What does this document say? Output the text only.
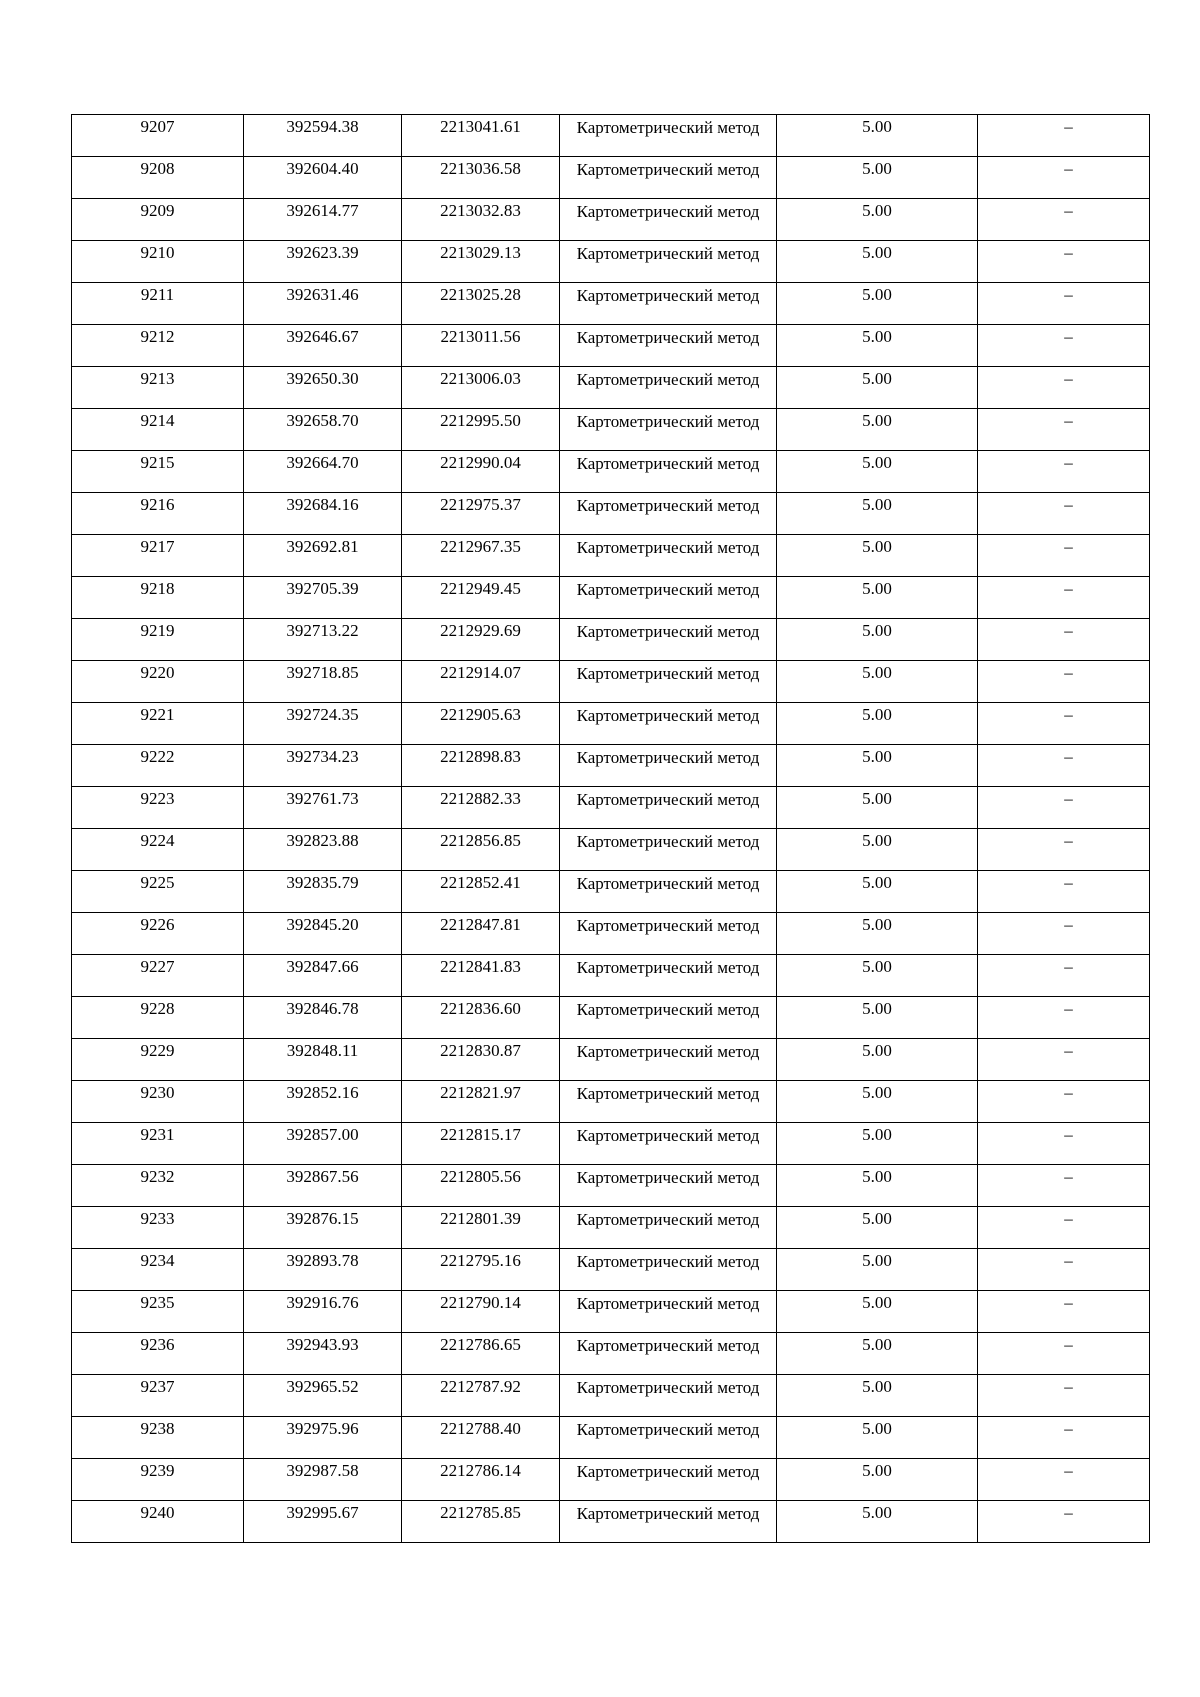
9207	392594.38	2213041.61	Картометрический метод	5.00	–

9208	392604.40	2213036.58	Картометрический метод	5.00	–

9209	392614.77	2213032.83	Картометрический метод	5.00	–

9210	392623.39	2213029.13	Картометрический метод	5.00	–

9211	392631.46	2213025.28	Картометрический метод	5.00	–

9212	392646.67	2213011.56	Картометрический метод	5.00	–

9213	392650.30	2213006.03	Картометрический метод	5.00	–

9214	392658.70	2212995.50	Картометрический метод	5.00	–

9215	392664.70	2212990.04	Картометрический метод	5.00	–

9216	392684.16	2212975.37	Картометрический метод	5.00	–

9217	392692.81	2212967.35	Картометрический метод	5.00	–

9218	392705.39	2212949.45	Картометрический метод	5.00	–

9219	392713.22	2212929.69	Картометрический метод	5.00	–

9220	392718.85	2212914.07	Картометрический метод	5.00	–

9221	392724.35	2212905.63	Картометрический метод	5.00	–

9222	392734.23	2212898.83	Картометрический метод	5.00	–

9223	392761.73	2212882.33	Картометрический метод	5.00	–

9224	392823.88	2212856.85	Картометрический метод	5.00	–

9225	392835.79	2212852.41	Картометрический метод	5.00	–

9226	392845.20	2212847.81	Картометрический метод	5.00	–

9227	392847.66	2212841.83	Картометрический метод	5.00	–

9228	392846.78	2212836.60	Картометрический метод	5.00	–

9229	392848.11	2212830.87	Картометрический метод	5.00	–

9230	392852.16	2212821.97	Картометрический метод	5.00	–

9231	392857.00	2212815.17	Картометрический метод	5.00	–

9232	392867.56	2212805.56	Картометрический метод	5.00	–

9233	392876.15	2212801.39	Картометрический метод	5.00	–

9234	392893.78	2212795.16	Картометрический метод	5.00	–

9235	392916.76	2212790.14	Картометрический метод	5.00	–

9236	392943.93	2212786.65	Картометрический метод	5.00	–

9237	392965.52	2212787.92	Картометрический метод	5.00	–

9238	392975.96	2212788.40	Картометрический метод	5.00	–

9239	392987.58	2212786.14	Картометрический метод	5.00	–

9240	392995.67	2212785.85	Картометрический метод	5.00	–
